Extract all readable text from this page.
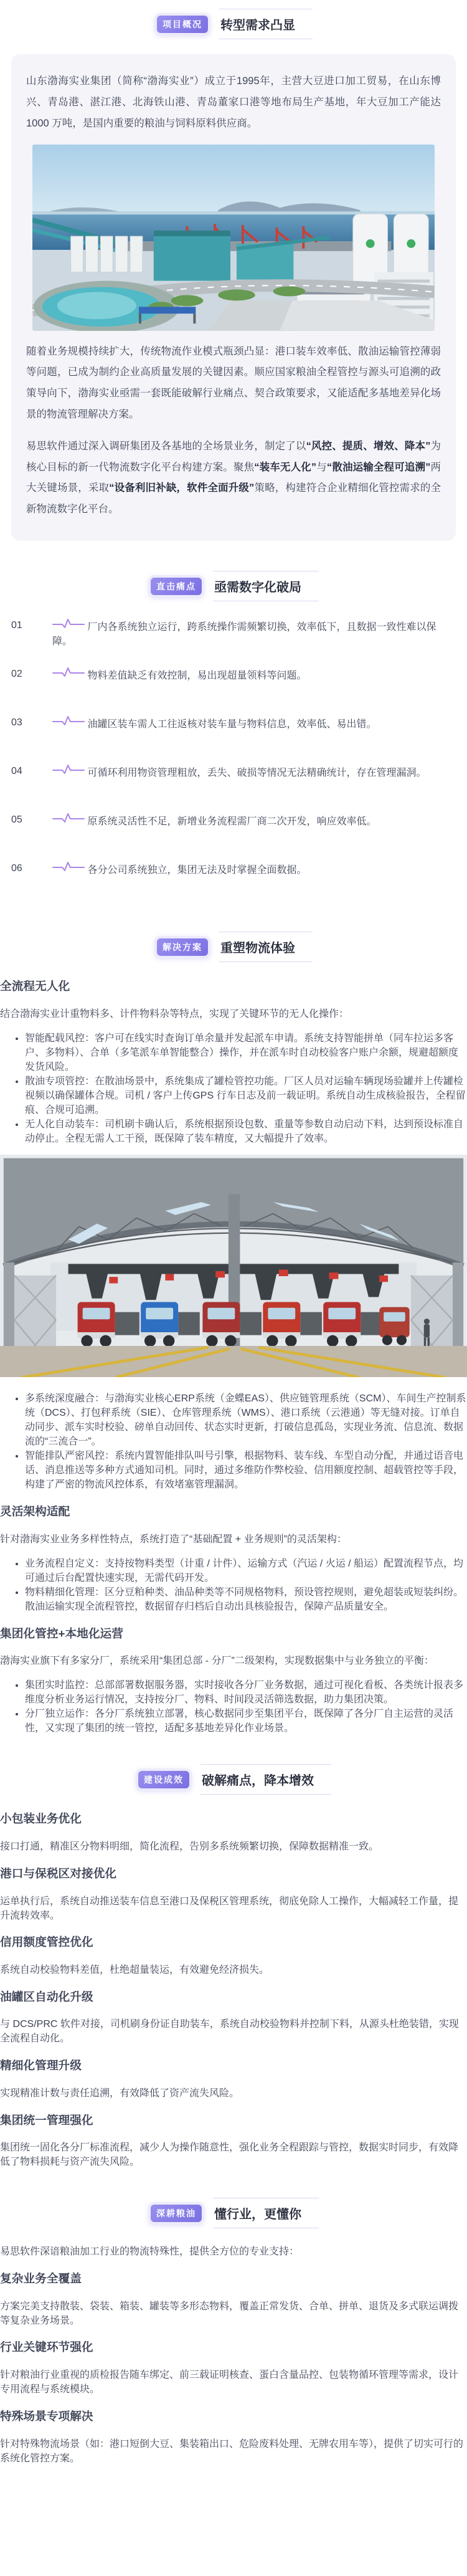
项目概况	转型需求凸显

山东渤海实业集团（简称“渤海实业”）成立于1995年，主营大豆进口加工贸易，在山东博兴、青岛港、湛江港、北海铁山港、青岛董家口港等地布局生产基地，年大豆加工产能达1000 万吨，是国内重要的粮油与饲料原料供应商。

随着业务规模持续扩大，传统物流作业模式瓶颈凸显：港口装车效率低、散油运输管控薄弱等问题，已成为制约企业高质量发展的关键因素。顺应国家粮油全程管控与源头可追溯的政策导向下，渤海实业亟需一套既能破解行业痛点、契合政策要求，又能适配多基地差异化场景的物流管理解决方案。

易思软件通过深入调研集团及各基地的全场景业务，制定了以“风控、提质、增效、降本”为核心目标的新一代物流数字化平台构建方案。聚焦“装车无人化”与“散油运输全程可追溯”两大关键场景，采取“设备利旧补缺，软件全面升级”策略，构建符合企业精细化管控需求的全新物流数字化平台。

直击痛点	亟需数字化破局
01	厂内各系统独立运行，跨系统操作需频繁切换，效率低下，且数据一致性难以保障。
02	物料差值缺乏有效控制，易出现超量领料等问题。
03	油罐区装车需人工往返核对装车量与物料信息，效率低、易出错。
04	可循环利用物资管理粗放，丢失、破损等情况无法精确统计，存在管理漏洞。
05	原系统灵活性不足，新增业务流程需厂商二次开发，响应效率低。
06	各分公司系统独立，集团无法及时掌握全面数据。
解决方案	重塑物流体验
全流程无人化

结合渤海实业计重物料多、计件物料杂等特点，实现了关键环节的无人化操作：

• 智能配载风控：客户可在线实时查询订单余量并发起派车申请。系统支持智能拼单（同车拉运多客户、多物料）、合单（多笔派车单智能整合）操作，并在派车时自动校验客户账户余额，规避超额度发货风险。
• 散油专项管控：在散油场景中，系统集成了罐检管控功能。厂区人员对运输车辆现场验罐并上传罐检视频以确保罐体合规。司机 / 客户上传GPS 行车日志及前一载证明。系统自动生成核验报告，全程留痕、合规可追溯。
• 无人化自动装车：司机刷卡确认后，系统根据预设包数、重量等参数自动启动下料，达到预设标准自动停止。全程无需人工干预，既保障了装车精度，又大幅提升了效率。
• 多系统深度融合：与渤海实业核心ERP系统（金蝶EAS）、供应链管理系统（SCM）、车间生产控制系统（DCS）、打包秤系统（SIE）、仓库管理系统（WMS）、港口系统（云港通）等无缝对接。订单自动同步、派车实时校验、磅单自动回传、状态实时更新，打破信息孤岛，实现业务流、信息流、数据流的“三流合一”。
• 智能排队严密风控：系统内置智能排队叫号引擎，根据物料、装车线、车型自动分配，并通过语音电话、消息推送等多种方式通知司机。同时，通过多维防作弊校验、信用额度控制、超载管控等手段，构建了严密的物流风控体系，有效堵塞管理漏洞。
灵活架构适配

针对渤海实业业务多样性特点，系统打造了“基础配置 + 业务规则”的灵活架构：

• 业务流程自定义：支持按物料类型（计重 / 计件）、运输方式（汽运 / 火运 / 船运）配置流程节点，均可通过后台配置快速实现，无需代码开发。
• 物料精细化管理：区分豆粕种类、油品种类等不同规格物料，预设管控规则，避免超装或短装纠纷。散油运输实现全流程管控，数据留存归档后自动出具核验报告，保障产品质量安全。
集团化管控+本地化运营

渤海实业旗下有多家分厂，系统采用“集团总部 - 分厂”二级架构，实现数据集中与业务独立的平衡：

• 集团实时监控：总部部署数据服务器，实时接收各分厂业务数据，通过可视化看板、各类统计报表多维度分析业务运行情况，支持按分厂、物料、时间段灵活筛选数据，助力集团决策。
• 分厂独立运作：各分厂系统独立部署，核心数据同步至集团平台，既保障了各分厂自主运营的灵活性，又实现了集团的统一管控，适配多基地差异化作业场景。
建设成效	破解痛点，降本增效
小包装业务优化

接口打通，精准区分物料明细，简化流程，告别多系统频繁切换，保障数据精准一致。

港口与保税区对接优化

运单执行后，系统自动推送装车信息至港口及保税区管理系统，彻底免除人工操作，大幅减轻工作量，提升流转效率。

信用额度管控优化

系统自动校验物料差值，杜绝超量装运，有效避免经济损失。

油罐区自动化升级

与 DCS/PRC 软件对接，司机刷身份证自助装车，系统自动校验物料并控制下料，从源头杜绝装错，实现全流程自动化。

精细化管理升级

实现精准计数与责任追溯，有效降低了资产流失风险。

集团统一管理强化

集团统一固化各分厂标准流程，减少人为操作随意性，强化业务全程跟踪与管控，数据实时同步，有效降低了物料损耗与资产流失风险。

深耕粮油	懂行业，更懂你

易思软件深谙粮油加工行业的物流特殊性，提供全方位的专业支持：

复杂业务全覆盖

方案完美支持散装、袋装、箱装、罐装等多形态物料，覆盖正常发货、合单、拼单、退货及多式联运调拨等复杂业务场景。

行业关键环节强化

针对粮油行业重视的质检报告随车绑定、前三载证明核查、蛋白含量品控、包装物循环管理等需求，设计专用流程与系统模块。

特殊场景专项解决

针对特殊物流场景（如：港口短倒大豆、集装箱出口、危险废料处理、无牌农用车等），提供了切实可行的系统化管控方案。
